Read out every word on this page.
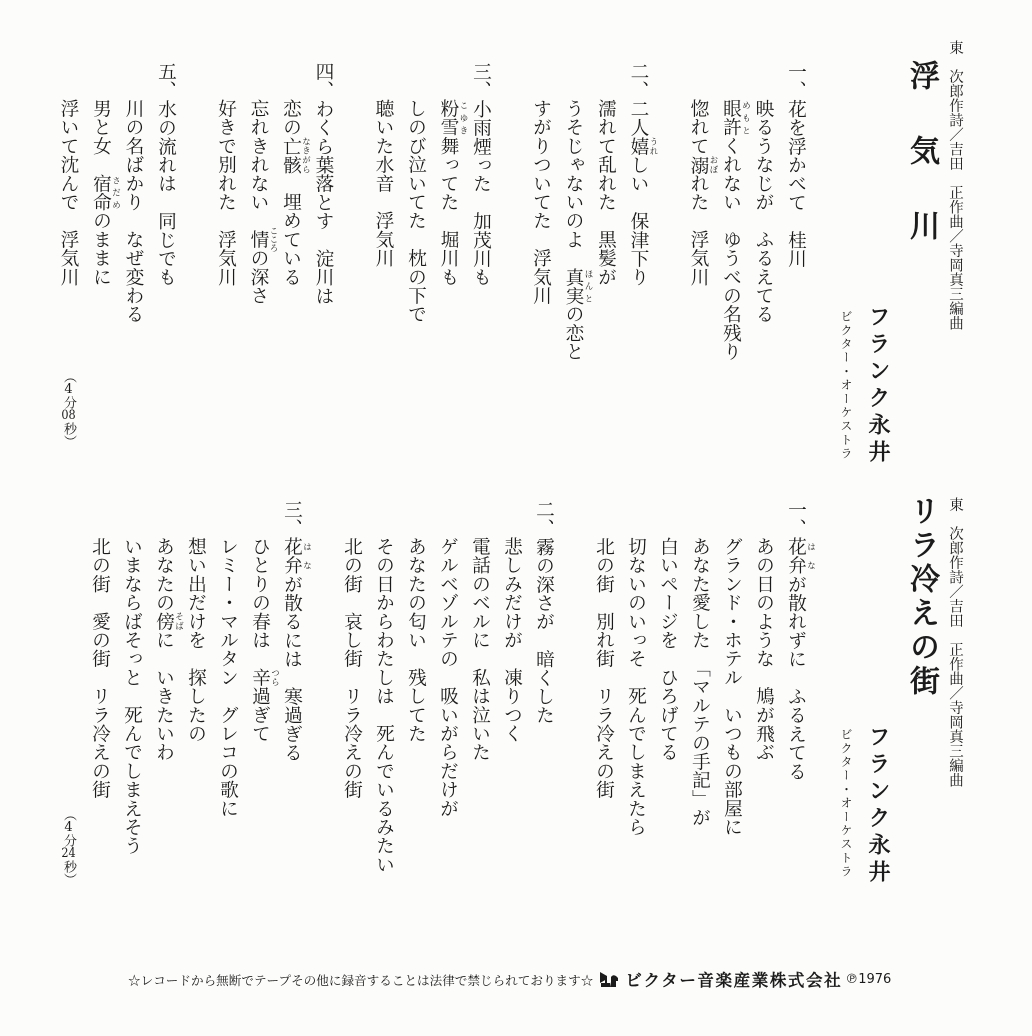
浮気川 東　次郎作詩／吉田　正作曲／寺岡真三編曲
フランク永井
ビクター・オーケストラ
（4分08秒）
リラ冷えの街 東　次郎作詩／吉田　正作曲／寺岡真三編曲
フランク永井
ビクター・オーケストラ
（4分24秒）
一、花を浮かべて　桂川
映るうなじが　ふるえてる
眼許 めもとくれない　ゆうべの名残り
惚れて溺 おぼれた　浮気川
二、二人嬉 うれしい　保津下り
濡れて乱れた　黒髪が
うそじゃないのよ　真実 ほんとの恋と
すがりついてた　浮気川
三、小雨煙った　加茂川も
粉雪 こゆき舞ってた　堀川も
しのび泣いてた　枕の下で
聴いた水音　浮気川
四、わくら葉落とす　淀川は
恋の亡骸 なきがら　埋めている
忘れきれない　情 こころの深さ
好きで別れた　浮気川
五、水の流れは　同じでも
川の名ばかり　なぜ変わる
男と女　宿命 さだめのままに
浮いて沈んで　浮気川
一、花弁 はなが散れずに　ふるえてる
あの日のような　鳩が飛ぶ
グランド・ホテル　いつもの部屋に
あなた愛した　「マルテの手記」が
白いページを　ひろげてる
切ないのいっそ　死んでしまえたら
北の街　別れ街　リラ冷えの街
二、霧の深さが　暗くした
悲しみだけが　凍りつく
電話のベルに　私は泣いた
ゲルベゾルテの　吸いがらだけが
あなたの匂い　残してた
その日からわたしは　死んでいるみたい
北の街　哀し街　リラ冷えの街
三、花弁 はなが散るには　寒過ぎる
ひとりの春は　辛 つら過ぎて
レミー・マルタン　グレコの歌に
想い出だけを　探したの
あなたの傍 そばに　いきたいわ
いまならばそっと　死んでしまえそう
北の街　愛の街　リラ冷えの街
☆レコードから無断でテープその他に録音することは法律で禁じられております☆ ビクター音楽産業株式会社 ℗1976
